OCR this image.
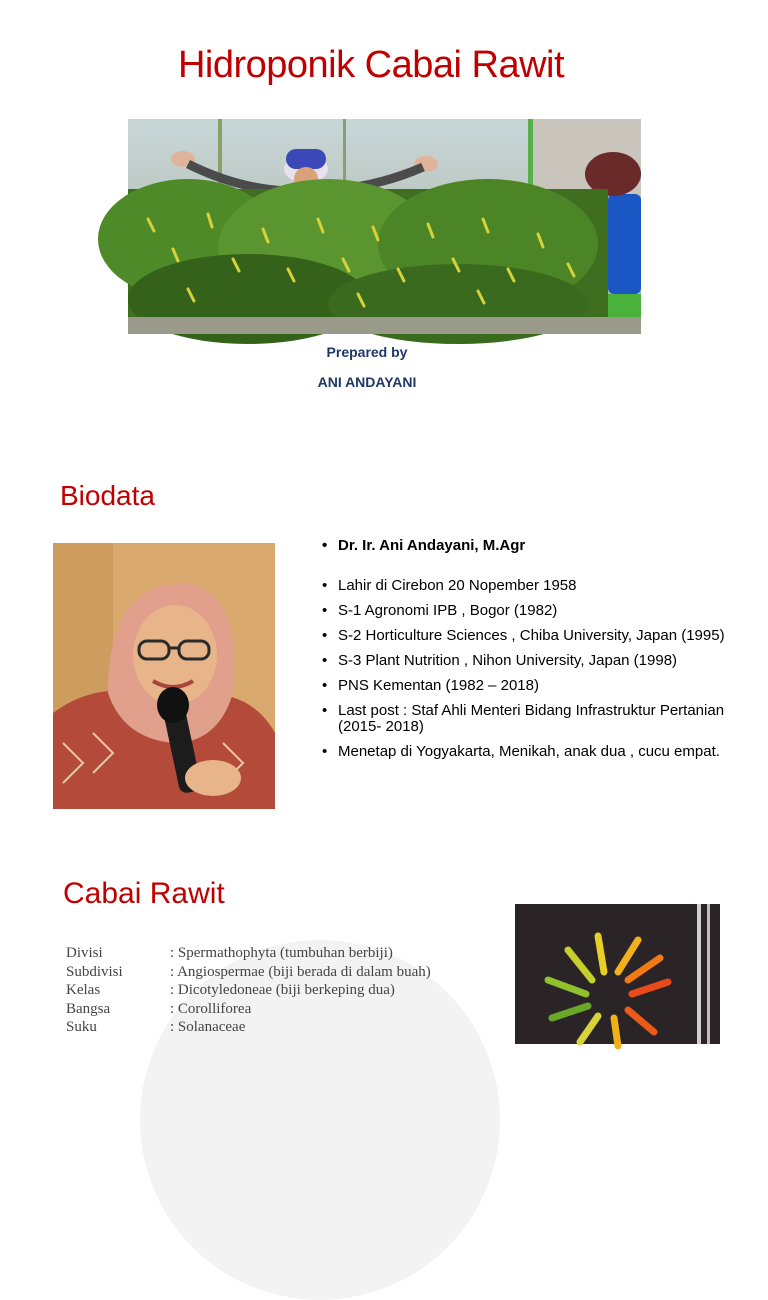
Hidroponik Cabai Rawit
Prepared by
ANI ANDAYANI
Biodata
• Dr. Ir. Ani Andayani, M.Agr
• Lahir di Cirebon 20 Nopember 1958
• S-1 Agronomi IPB , Bogor (1982)
• S-2 Horticulture Sciences , Chiba University, Japan (1995)
• S-3 Plant Nutrition , Nihon University, Japan (1998)
• PNS Kementan (1982 – 2018)
• Last post : Staf Ahli Menteri Bidang Infrastruktur Pertanian (2015- 2018)
• Menetap di Yogyakarta, Menikah, anak dua , cucu empat.
Cabai Rawit
Divisi	: Spermathophyta (tumbuhan berbiji)
Subdivisi	: Angiospermae (biji berada di dalam buah)
Kelas	: Dicotyledoneae (biji berkeping dua)
Bangsa	: Corolliforea
Suku	: Solanaceae
